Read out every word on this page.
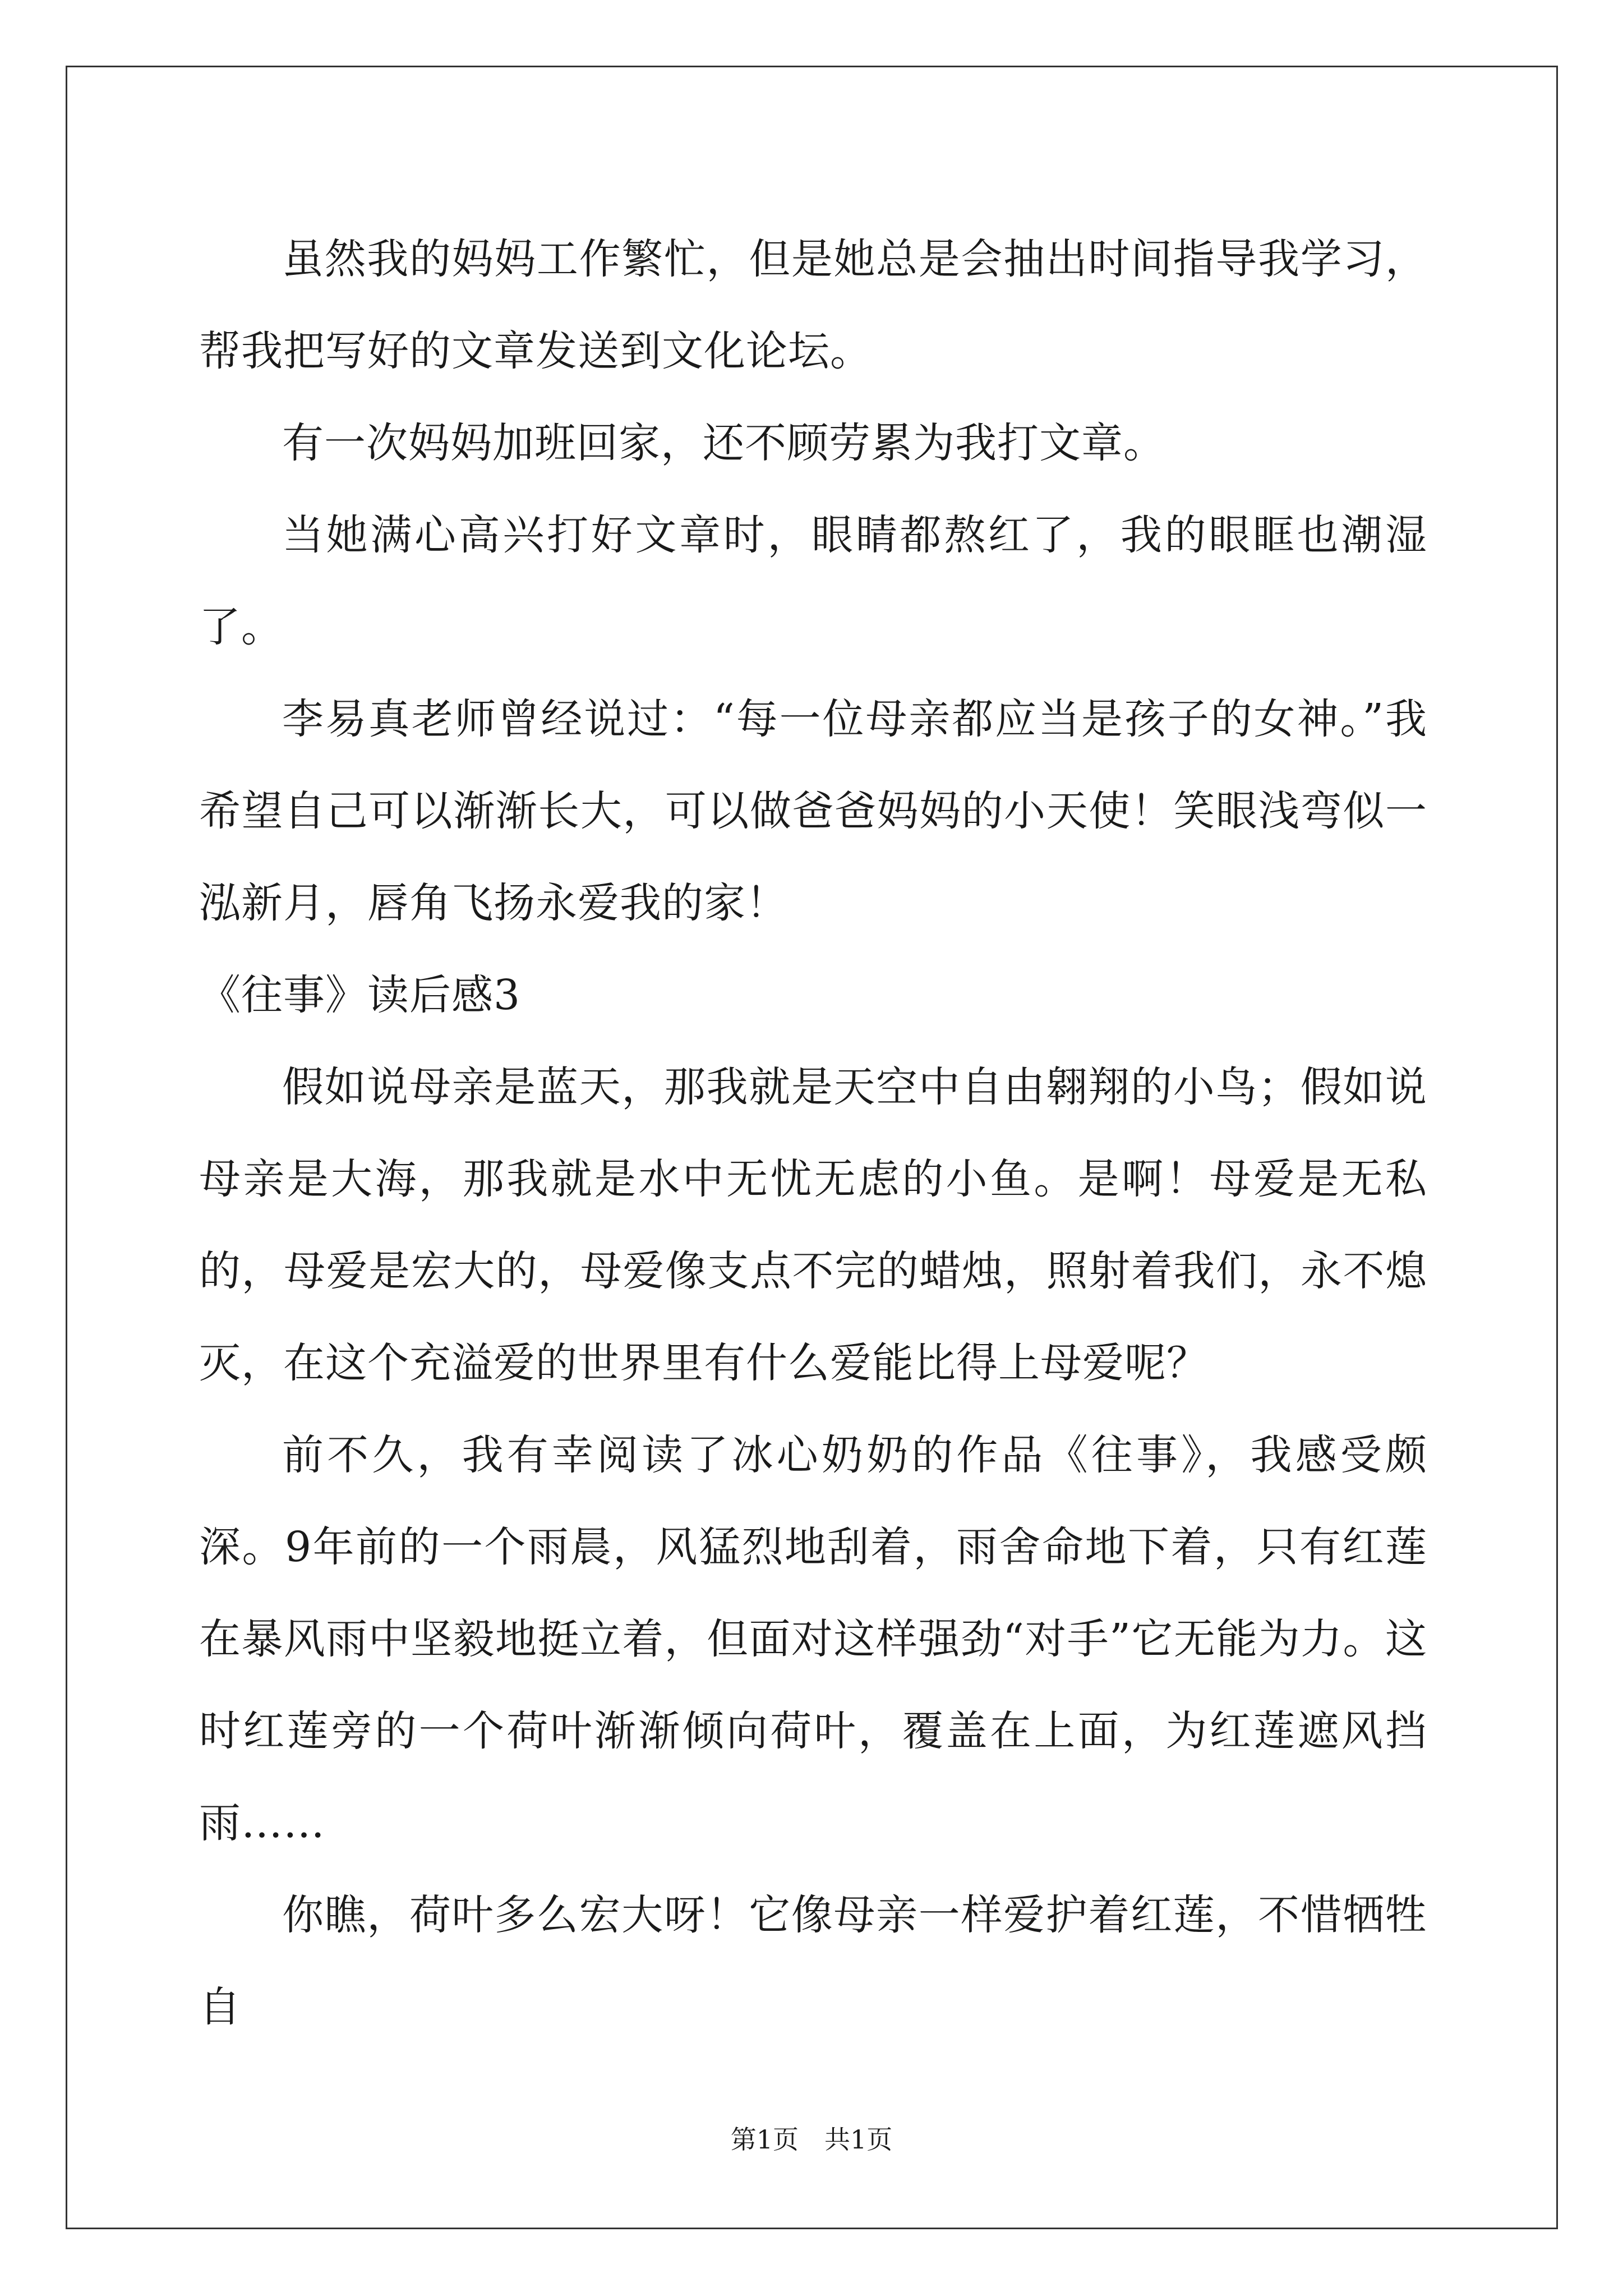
虽然我的妈妈工作繁忙，但是她总是会抽出时间指导我学习，帮我把写好的文章发送到文化论坛。

有一次妈妈加班回家，还不顾劳累为我打文章。

当她满心高兴打好文章时，眼睛都熬红了，我的眼眶也潮湿了。

李易真老师曾经说过：“每一位母亲都应当是孩子的女神。”我希望自己可以渐渐长大，可以做爸爸妈妈的小天使！笑眼浅弯似一泓新月，唇角飞扬永爱我的家！

《往事》读后感3

假如说母亲是蓝天，那我就是天空中自由翱翔的小鸟；假如说母亲是大海，那我就是水中无忧无虑的小鱼。是啊！母爱是无私的，母爱是宏大的，母爱像支点不完的蜡烛，照射着我们，永不熄灭，在这个充溢爱的世界里有什么爱能比得上母爱呢？

前不久，我有幸阅读了冰心奶奶的作品《往事》，我感受颇深。9年前的一个雨晨，风猛烈地刮着，雨舍命地下着，只有红莲在暴风雨中坚毅地挺立着，但面对这样强劲“对手”它无能为力。这时红莲旁的一个荷叶渐渐倾向荷叶，覆盖在上面，为红莲遮风挡雨……

你瞧，荷叶多么宏大呀！它像母亲一样爱护着红莲，不惜牺牲自

第1页 共1页
